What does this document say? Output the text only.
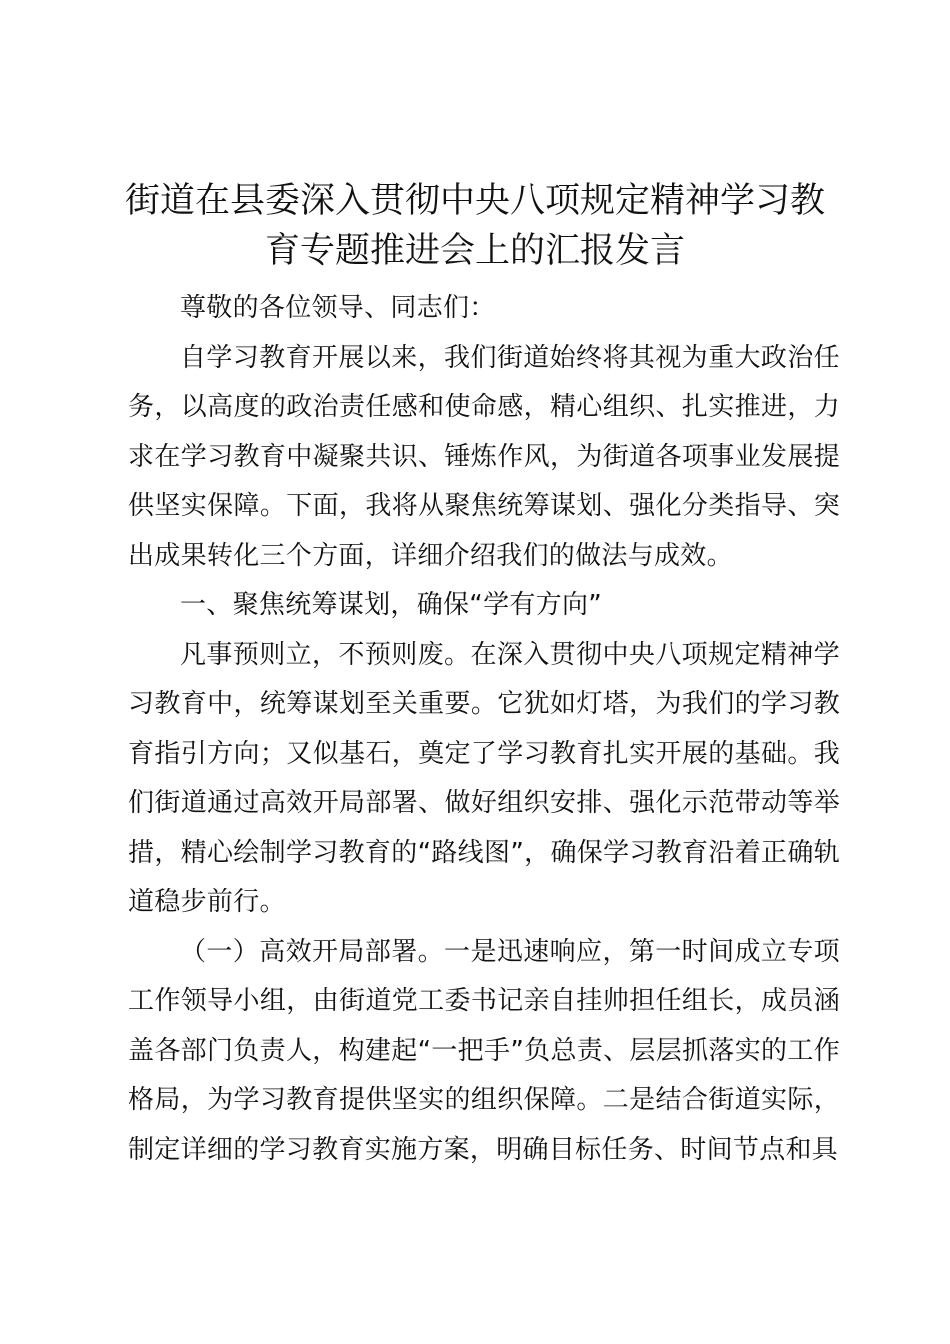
街道在县委深入贯彻中央八项规定精神学习教育专题推进会上的汇报发言

尊敬的各位领导、同志们：

自学习教育开展以来，我们街道始终将其视为重大政治任务，以高度的政治责任感和使命感，精心组织、扎实推进，力求在学习教育中凝聚共识、锤炼作风，为街道各项事业发展提供坚实保障。下面，我将从聚焦统筹谋划、强化分类指导、突出成果转化三个方面，详细介绍我们的做法与成效。

一、聚焦统筹谋划，确保“学有方向”

凡事预则立，不预则废。在深入贯彻中央八项规定精神学习教育中，统筹谋划至关重要。它犹如灯塔，为我们的学习教育指引方向；又似基石，奠定了学习教育扎实开展的基础。我们街道通过高效开局部署、做好组织安排、强化示范带动等举措，精心绘制学习教育的“路线图”，确保学习教育沿着正确轨道稳步前行。

（一）高效开局部署。一是迅速响应，第一时间成立专项工作领导小组，由街道党工委书记亲自挂帅担任组长，成员涵盖各部门负责人，构建起“一把手”负总责、层层抓落实的工作格局，为学习教育提供坚实的组织保障。二是结合街道实际，制定详细的学习教育实施方案，明确目标任务、时间节点和具
